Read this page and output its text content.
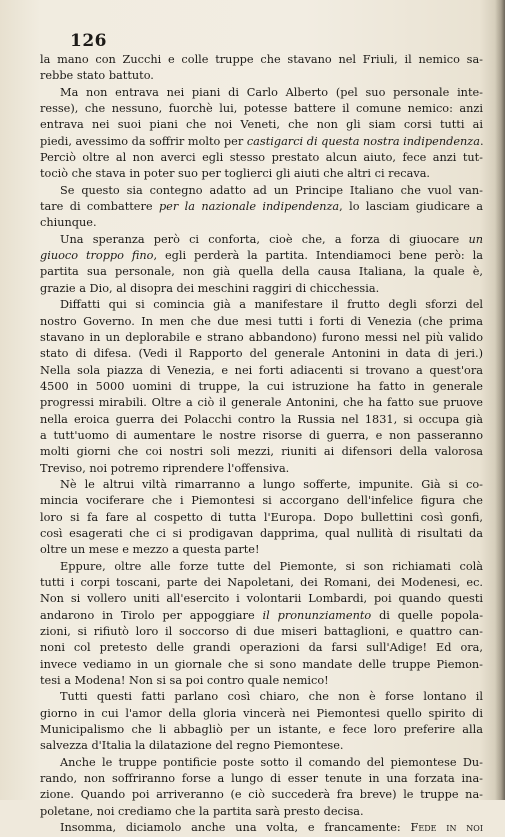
126
la mano con Zucchi e colle truppe che stavano nel Friuli, il nemico sa-
rebbe stato battuto.
Ma non entrava nei piani di Carlo Alberto (pel suo personale inte-
resse), che nessuno, fuorchè lui, potesse battere il comune nemico: anzi
entrava nei suoi piani che noi Veneti, che non gli siam corsi tutti ai
piedi, avessimo da soffrir molto per castigarci di questa nostra indipendenza.
Perciò oltre al non averci egli stesso prestato alcun aiuto, fece anzi tut-
tociò che stava in poter suo per toglierci gli aiuti che altri ci recava.
Se questo sia contegno adatto ad un Principe Italiano che vuol van-
tare di combattere per la nazionale indipendenza, lo lasciam giudicare a
chiunque.
Una speranza però ci conforta, cioè che, a forza di giuocare un
giuoco troppo fino, egli perderà la partita. Intendiamoci bene però: la
partita sua personale, non già quella della causa Italiana, la quale è,
grazie a Dio, al disopra dei meschini raggiri di chicchessia.
Diffatti qui si comincia già a manifestare il frutto degli sforzi del
nostro Governo. In men che due mesi tutti i forti di Venezia (che prima
stavano in un deplorabile e strano abbandono) furono messi nel più valido
stato di difesa. (Vedi il Rapporto del generale Antonini in data di jeri.)
Nella sola piazza di Venezia, e nei forti adiacenti si trovano a quest'ora
4500 in 5000 uomini di truppe, la cui istruzione ha fatto in generale
progressi mirabili. Oltre a ciò il generale Antonini, che ha fatto sue pruove
nella eroica guerra dei Polacchi contro la Russia nel 1831, si occupa già
a tutt'uomo di aumentare le nostre risorse di guerra, e non passeranno
molti giorni che coi nostri soli mezzi, riuniti ai difensori della valorosa
Treviso, noi potremo riprendere l'offensiva.
Nè le altrui viltà rimarranno a lungo sofferte, impunite. Già si co-
mincia vociferare che i Piemontesi si accorgano dell'infelice figura che
loro si fa fare al cospetto di tutta l'Europa. Dopo bullettini così gonfi,
così esagerati che ci si prodigavan dapprima, qual nullità di risultati da
oltre un mese e mezzo a questa parte!
Eppure, oltre alle forze tutte del Piemonte, si son richiamati colà
tutti i corpi toscani, parte dei Napoletani, dei Romani, dei Modenesi, ec.
Non si vollero uniti all'esercito i volontarii Lombardi, poi quando questi
andarono in Tirolo per appoggiare il pronunziamento di quelle popola-
zioni, si rifiutò loro il soccorso di due miseri battaglioni, e quattro can-
noni col pretesto delle grandi operazioni da farsi sull'Adige! Ed ora,
invece vediamo in un giornale che si sono mandate delle truppe Piemon-
tesi a Modena! Non si sa poi contro quale nemico!
Tutti questi fatti parlano così chiaro, che non è forse lontano il
giorno in cui l'amor della gloria vincerà nei Piemontesi quello spirito di
Municipalismo che li abbagliò per un istante, e fece loro preferire alla
salvezza d'Italia la dilatazione del regno Piemontese.
Anche le truppe pontificie poste sotto il comando del piemontese Du-
rando, non soffriranno forse a lungo di esser tenute in una forzata ina-
zione. Quando poi arriveranno (e ciò succederà fra breve) le truppe na-
poletane, noi crediamo che la partita sarà presto decisa.
Insomma, diciamolo anche una volta, e francamente: Fede in noi
